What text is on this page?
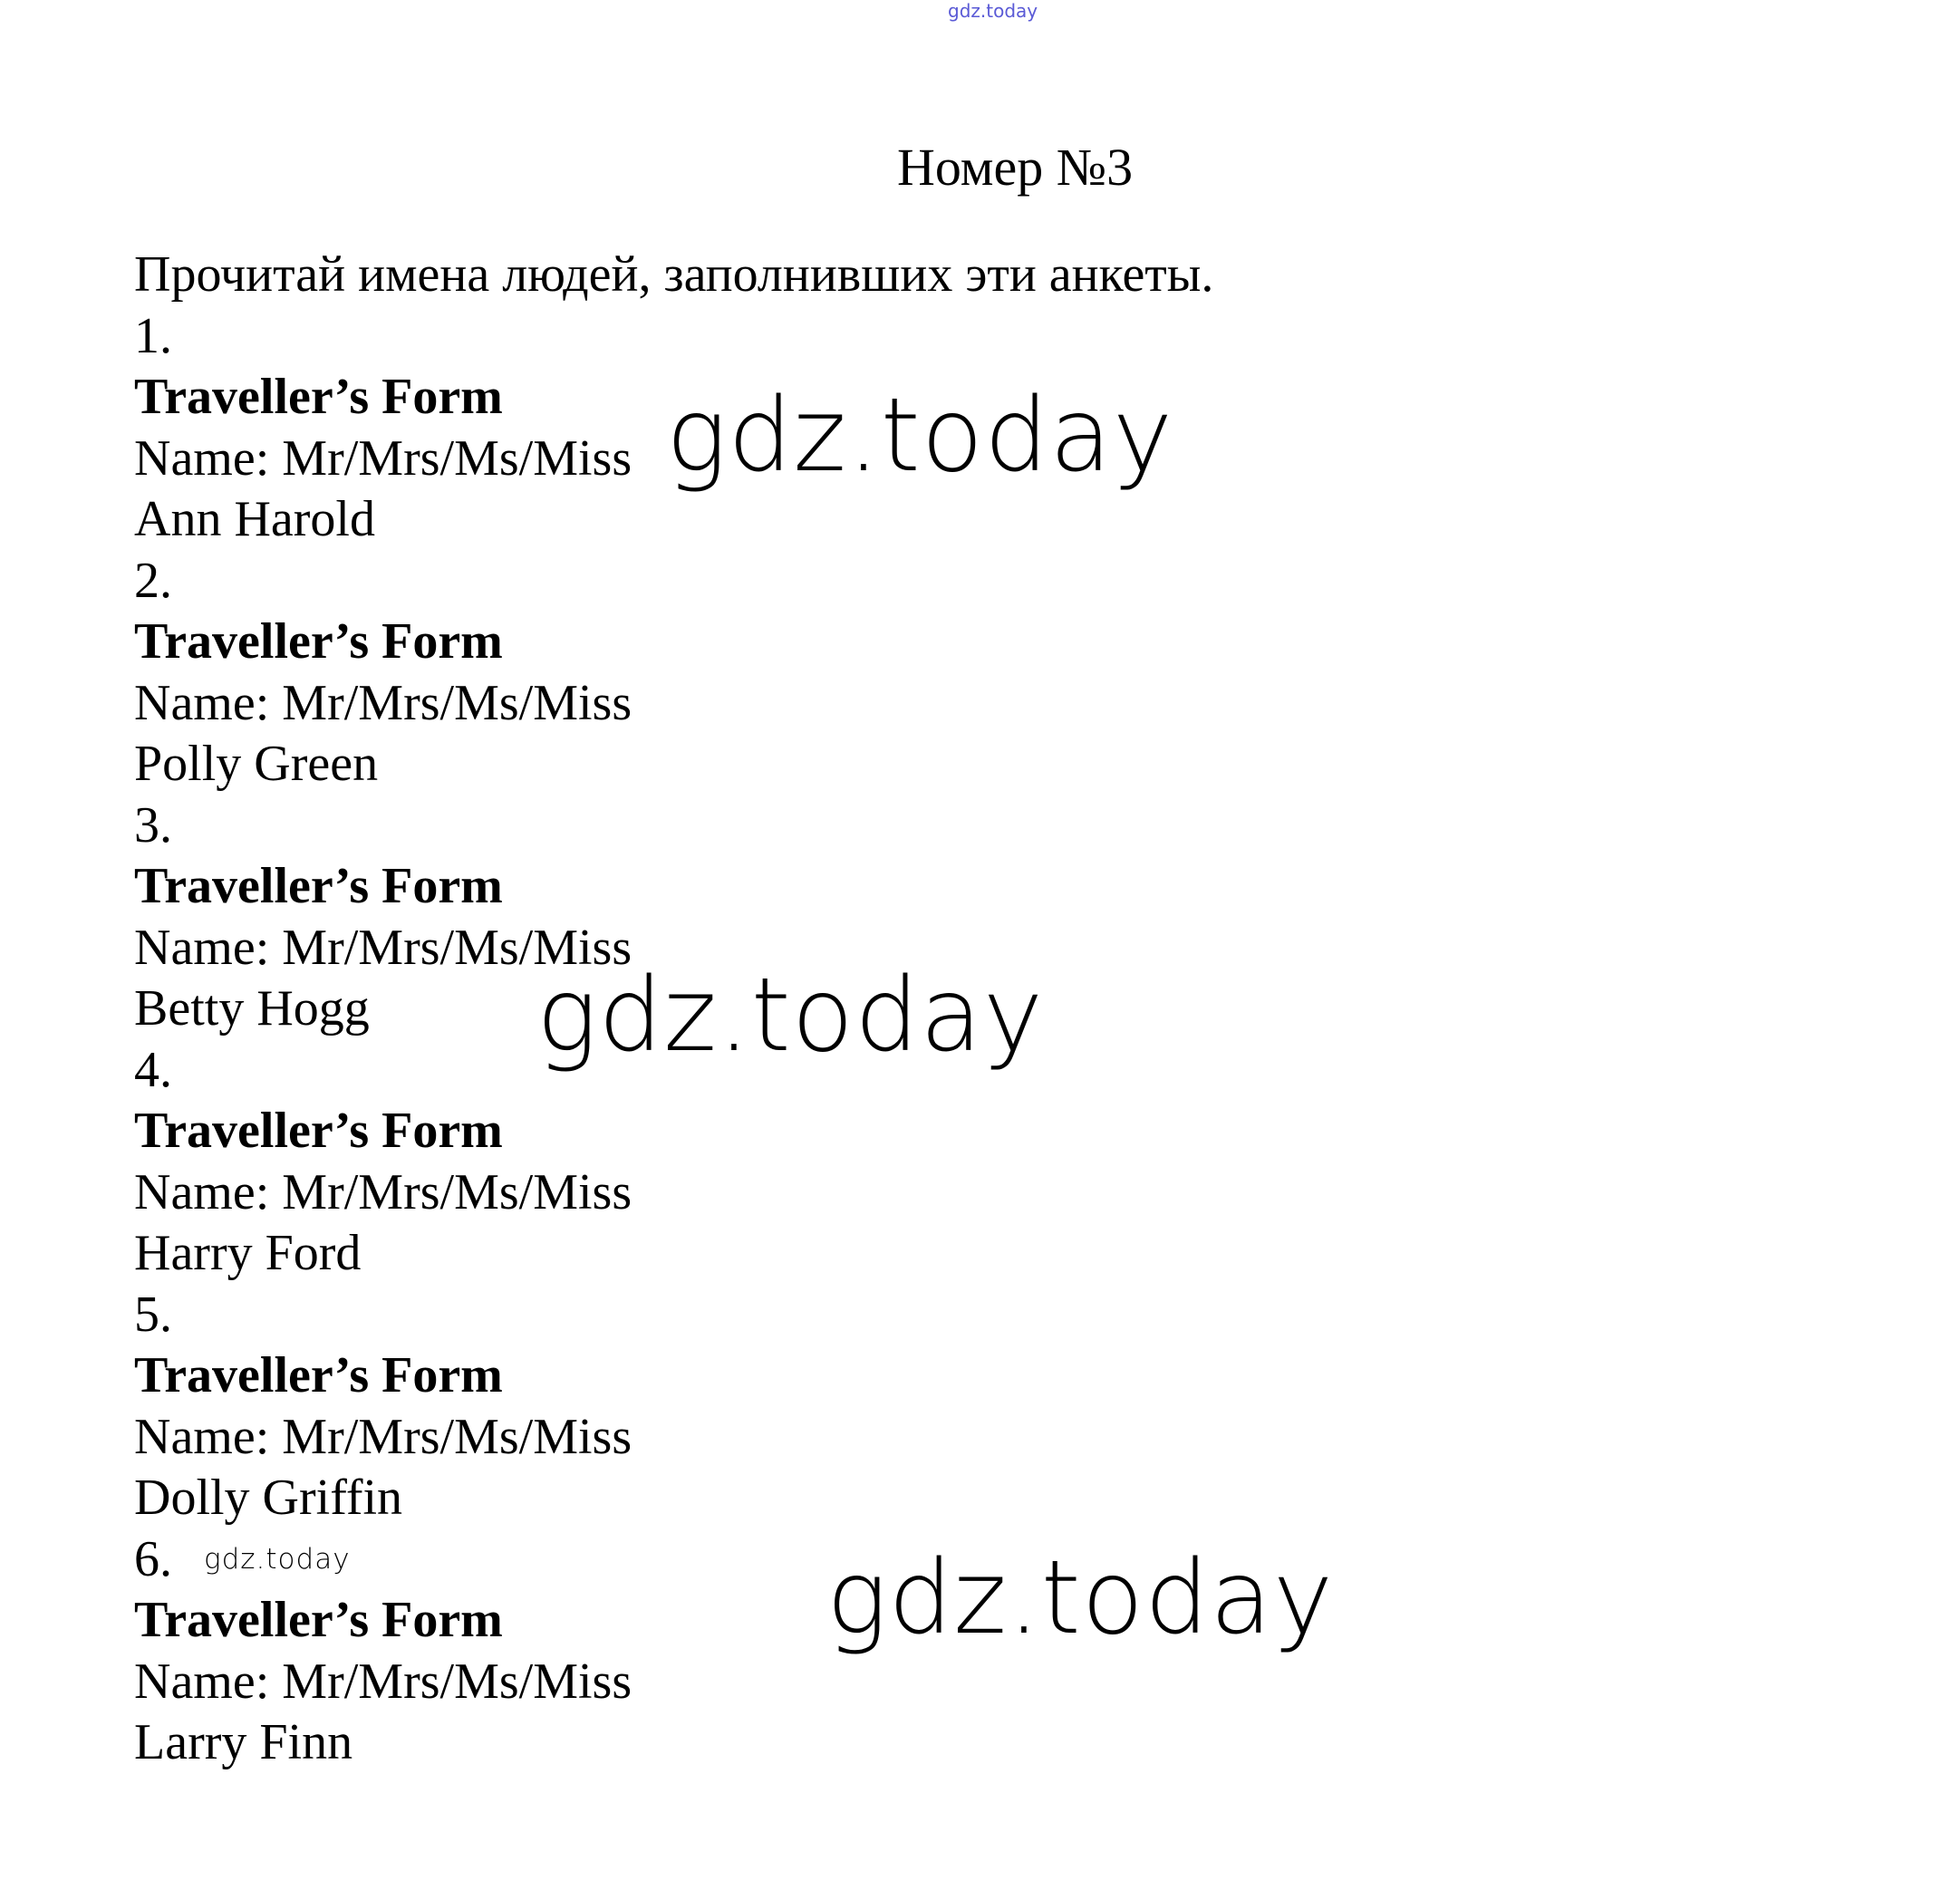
gdz.today
Номер №3
Прочитай имена людей, заполнивших эти анкеты.
1.
Traveller’s Form
Name: Mr/Mrs/Ms/Miss
Ann Harold
2.
Traveller’s Form
Name: Mr/Mrs/Ms/Miss
Polly Green
3.
Traveller’s Form
Name: Mr/Mrs/Ms/Miss
Betty Hogg
4.
Traveller’s Form
Name: Mr/Mrs/Ms/Miss
Harry Ford
5.
Traveller’s Form
Name: Mr/Mrs/Ms/Miss
Dolly Griffin
6.
Traveller’s Form
Name: Mr/Mrs/Ms/Miss
Larry Finn
gdz.today
gdz.today
gdz.today
gdz.today
